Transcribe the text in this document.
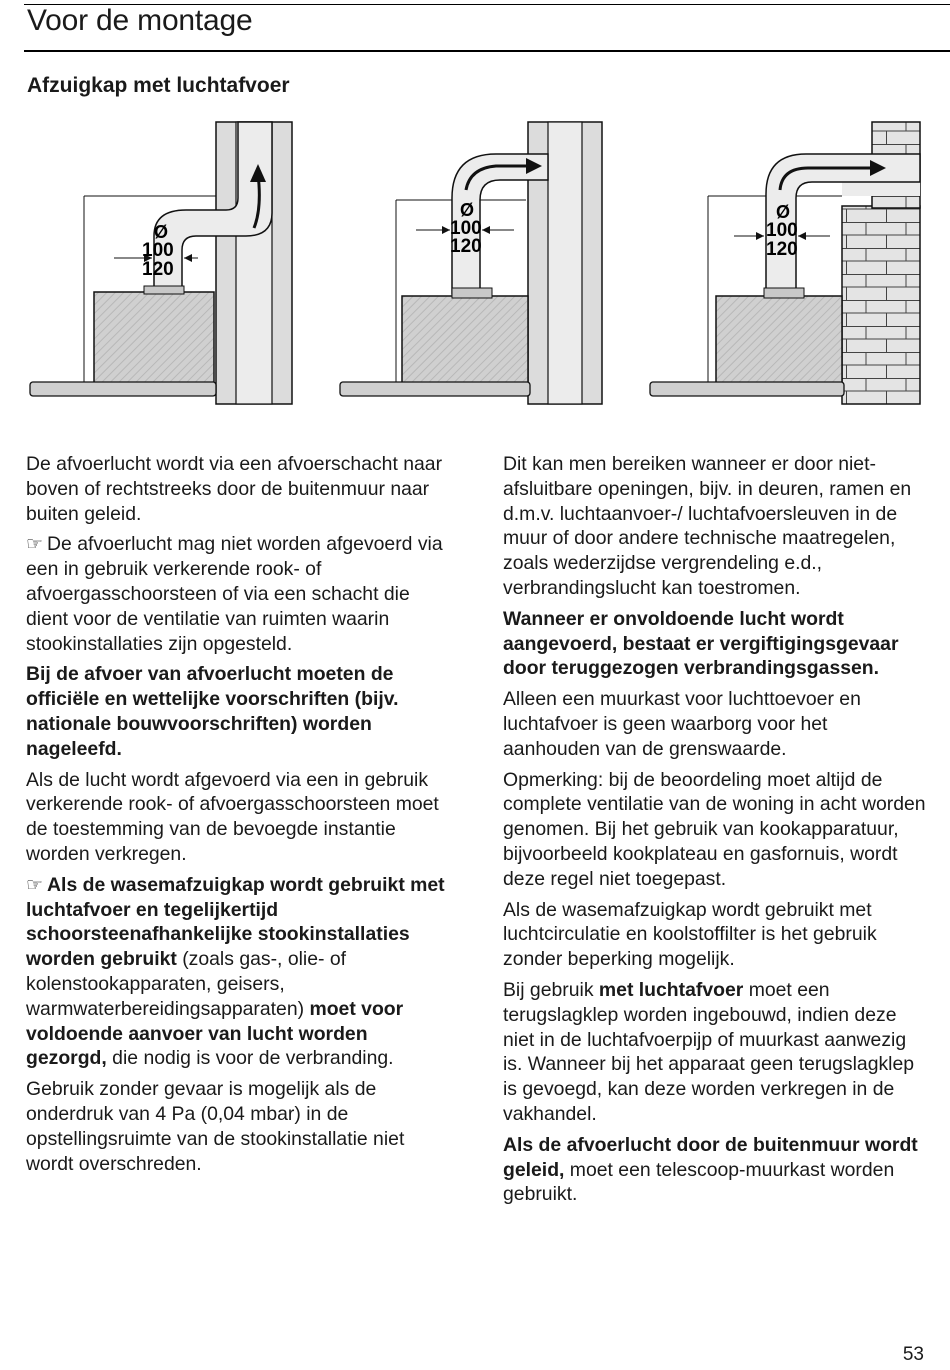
Voor de montage
Afzuigkap met luchtafvoer
Ø
100
120
Ø
100
120
Ø
100
120

De afvoerlucht wordt via een afvoerschacht naar boven of rechtstreeks door de buitenmuur naar buiten geleid.

☞ De afvoerlucht mag niet worden afgevoerd via een in gebruik verkerende rook- of afvoergasschoorsteen of via een schacht die dient voor de ventilatie van ruimten waarin stookinstallaties zijn opgesteld.

Bij de afvoer van afvoerlucht moeten de officiële en wettelijke voorschriften (bijv. nationale bouwvoorschriften) worden nageleefd.

Als de lucht wordt afgevoerd via een in gebruik verkerende rook- of afvoergasschoorsteen moet de toestemming van de bevoegde instantie worden verkregen.

☞ Als de wasemafzuigkap wordt gebruikt met luchtafvoer en tegelijkertijd schoorsteenafhankelijke stookinstallaties worden gebruikt (zoals gas-, olie- of kolenstookapparaten, geisers, warmwaterbereidingsapparaten) moet voor voldoende aanvoer van lucht worden gezorgd, die nodig is voor de verbranding.

Gebruik zonder gevaar is mogelijk als de onderdruk van 4 Pa (0,04 mbar) in de opstellingsruimte van de stookinstallatie niet wordt overschreden.

Dit kan men bereiken wanneer er door niet-afsluitbare openingen, bijv. in deuren, ramen en d.m.v. luchtaanvoer-/ luchtafvoersleuven in de muur of door andere technische maatregelen, zoals wederzijdse vergrendeling e.d., verbrandingslucht kan toestromen.

Wanneer er onvoldoende lucht wordt aangevoerd, bestaat er vergiftigingsgevaar door teruggezogen verbrandingsgassen.

Alleen een muurkast voor luchttoevoer en luchtafvoer is geen waarborg voor het aanhouden van de grenswaarde.

Opmerking: bij de beoordeling moet altijd de complete ventilatie van de woning in acht worden genomen. Bij het gebruik van kookapparatuur, bijvoorbeeld kookplateau en gasfornuis, wordt deze regel niet toegepast.

Als de wasemafzuigkap wordt gebruikt met luchtcirculatie en koolstoffilter is het gebruik zonder beperking mogelijk.

Bij gebruik met luchtafvoer moet een terugslagklep worden ingebouwd, indien deze niet in de luchtafvoerpijp of muurkast aanwezig is. Wanneer bij het apparaat geen terugslagklep is gevoegd, kan deze worden verkregen in de vakhandel.

Als de afvoerlucht door de buitenmuur wordt geleid, moet een telescoop-muurkast worden gebruikt.

53
